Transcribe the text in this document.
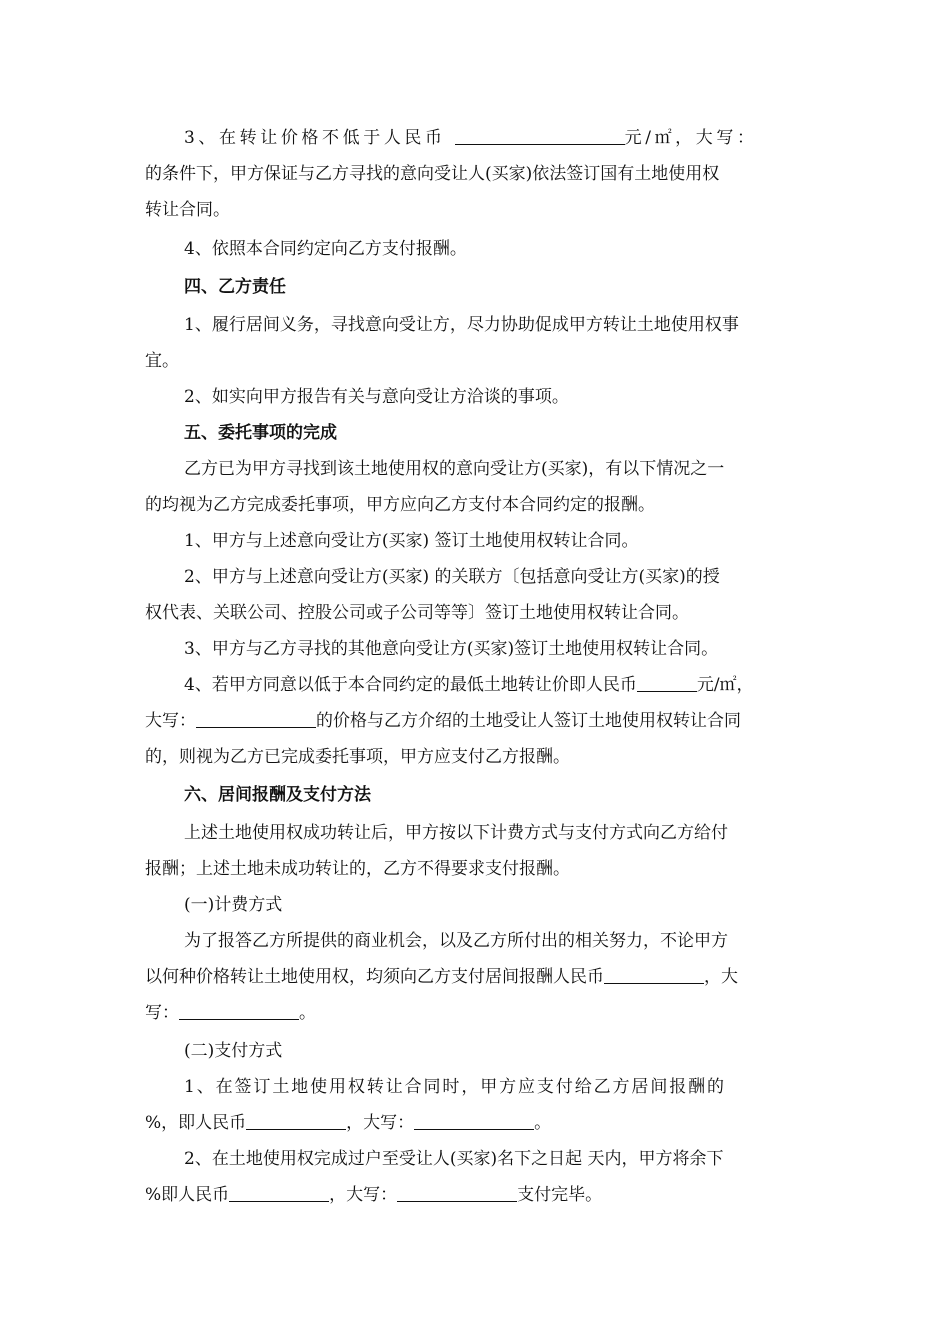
3、在转让价格不低于人民币	元/㎡，大写：

的条件下，甲方保证与乙方寻找的意向受让人(买家)依法签订国有土地使用权

转让合同。

4、依照本合同约定向乙方支付报酬。

四、乙方责任

1、履行居间义务，寻找意向受让方，尽力协助促成甲方转让土地使用权事

宜。

2、如实向甲方报告有关与意向受让方洽谈的事项。

五、委托事项的完成

乙方已为甲方寻找到该土地使用权的意向受让方(买家)，有以下情况之一

的均视为乙方完成委托事项，甲方应向乙方支付本合同约定的报酬。

1、甲方与上述意向受让方(买家) 签订土地使用权转让合同。

2、甲方与上述意向受让方(买家) 的关联方〔包括意向受让方(买家)的授

权代表、关联公司、控股公司或子公司等等〕签订土地使用权转让合同。

3、甲方与乙方寻找的其他意向受让方(买家)签订土地使用权转让合同。

4、若甲方同意以低于本合同约定的最低土地转让价即人民币	元/㎡，

大写：	的价格与乙方介绍的土地受让人签订土地使用权转让合同

的，则视为乙方已完成委托事项，甲方应支付乙方报酬。

六、居间报酬及支付方法

上述土地使用权成功转让后，甲方按以下计费方式与支付方式向乙方给付

报酬；上述土地未成功转让的，乙方不得要求支付报酬。

(一)计费方式

为了报答乙方所提供的商业机会，以及乙方所付出的相关努力，不论甲方

以何种价格转让土地使用权，均须向乙方支付居间报酬人民币	，大

写：	。

(二)支付方式

1、在签订土地使用权转让合同时，甲方应支付给乙方居间报酬的

%，即人民币	，大写：	。

2、在土地使用权完成过户至受让人(买家)名下之日起 天内，甲方将余下

%即人民币	，大写：	支付完毕。
